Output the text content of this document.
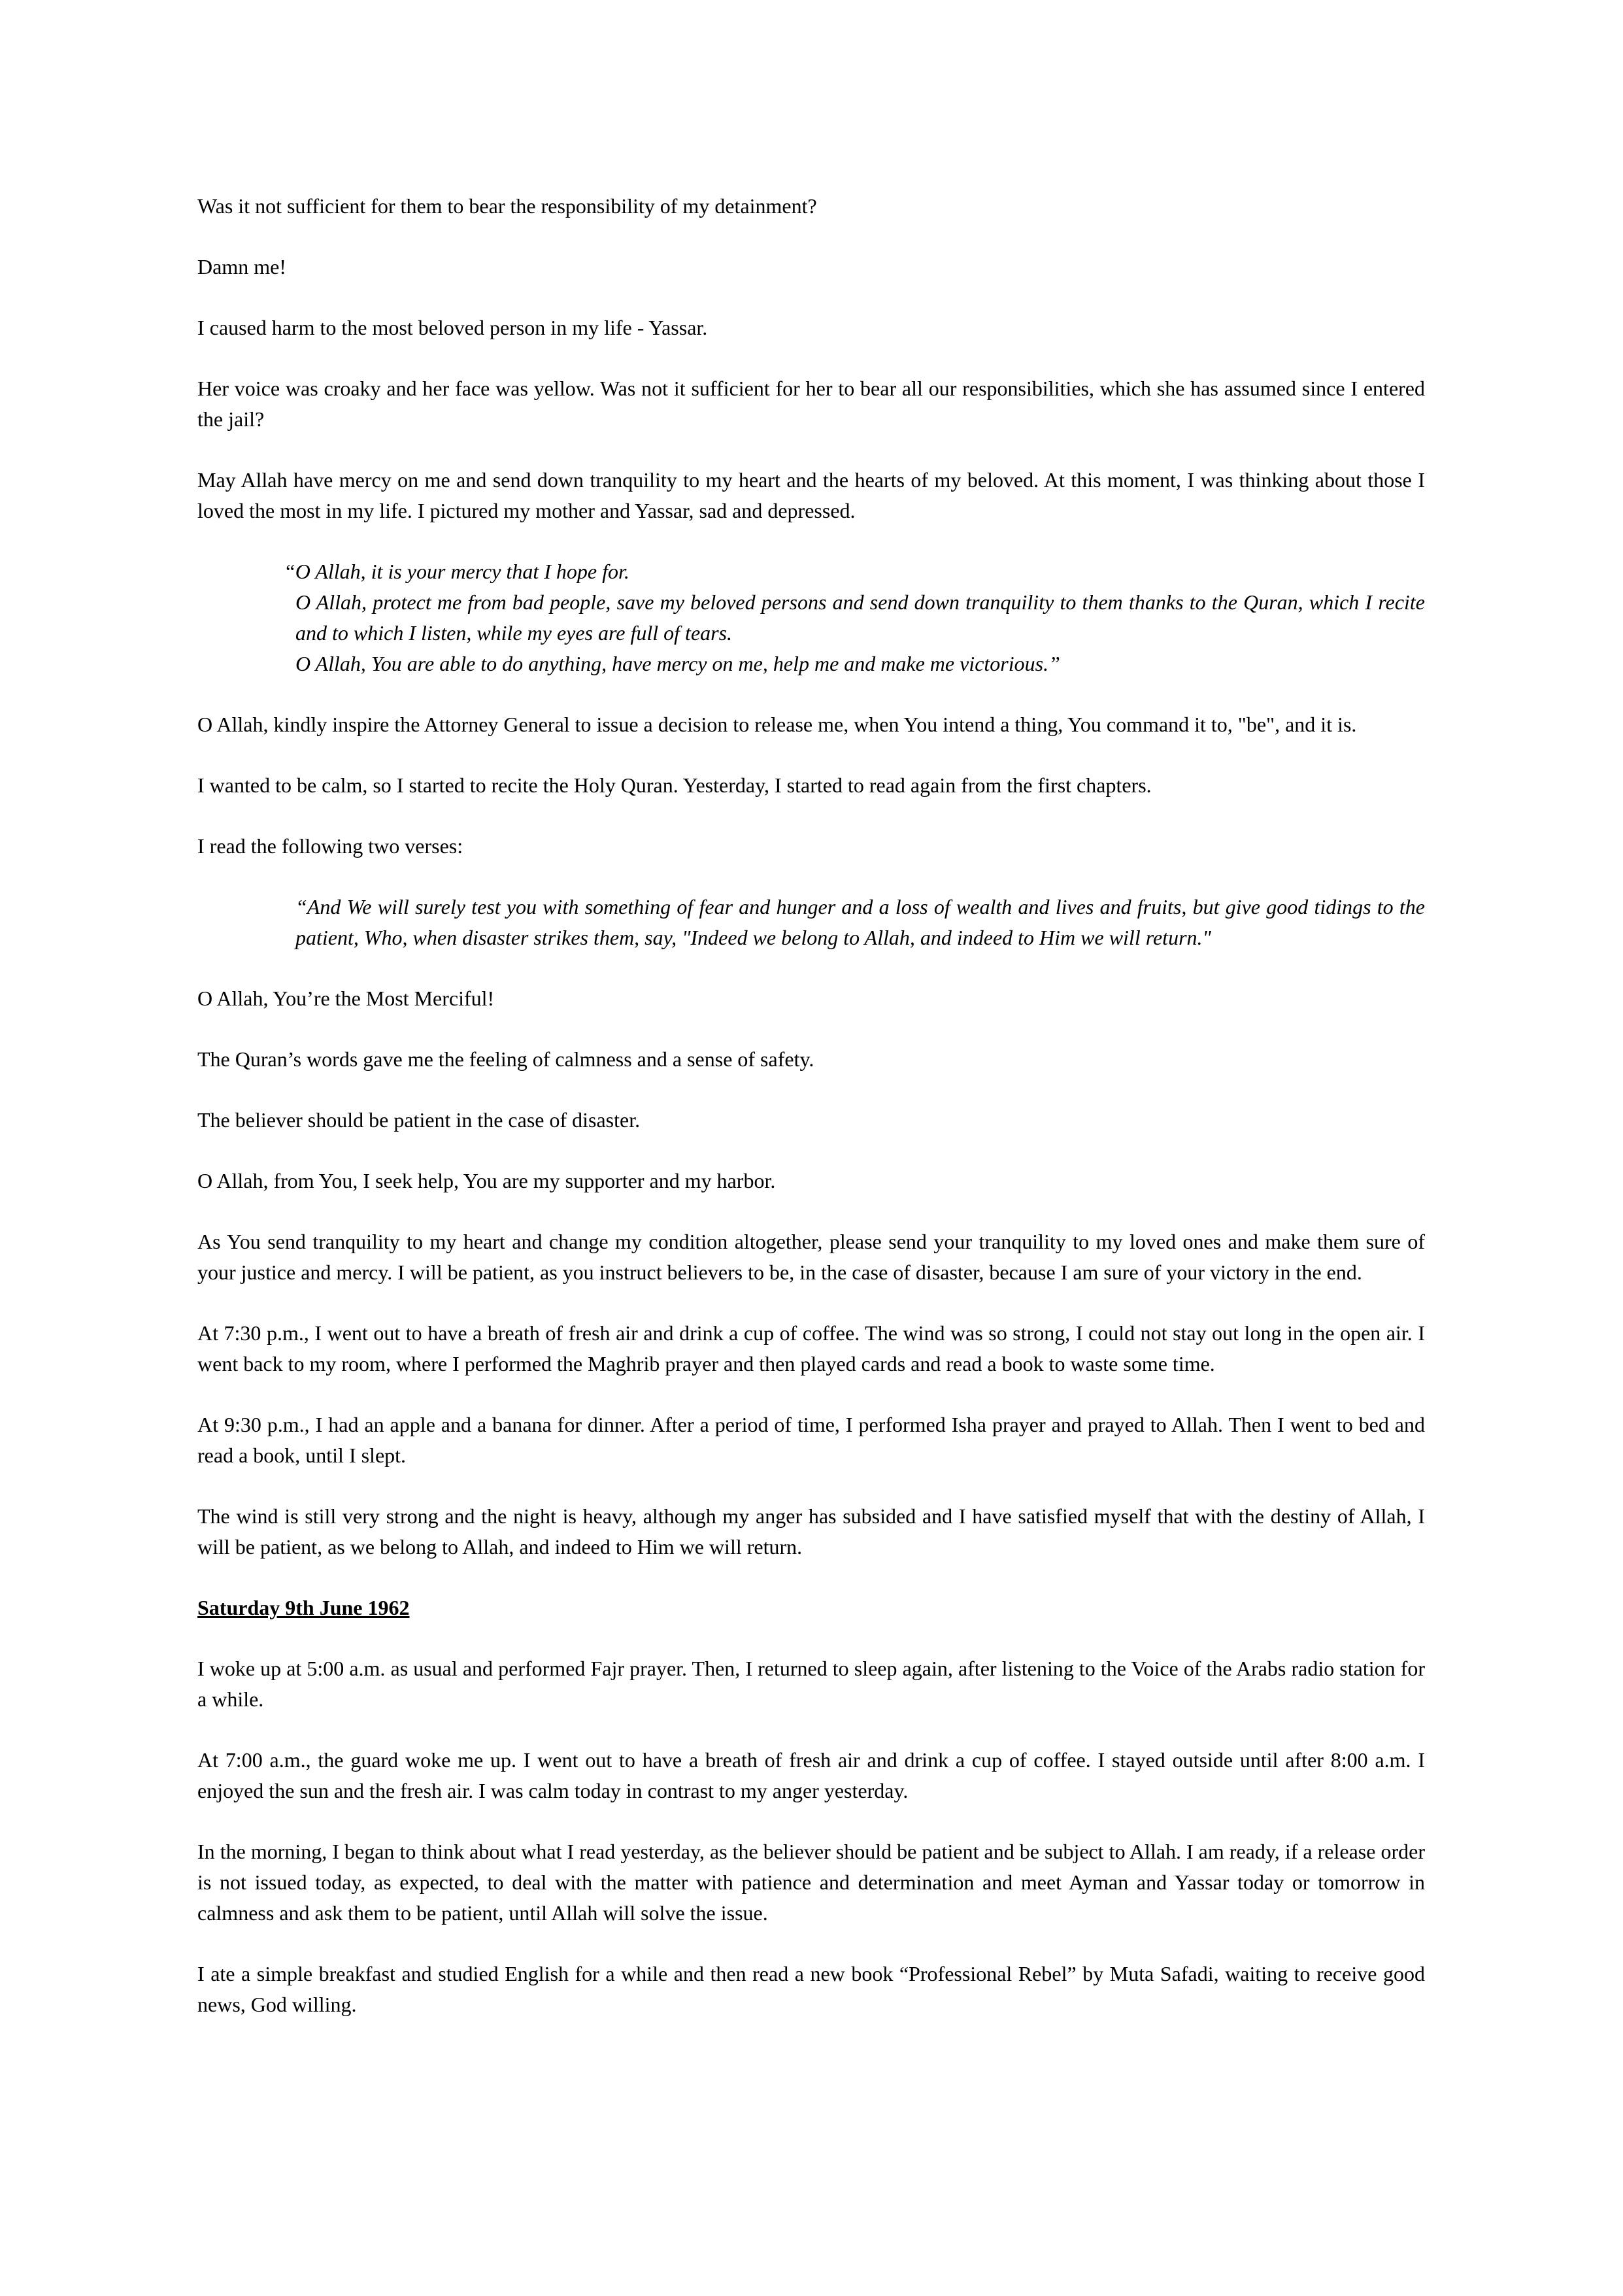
Was it not sufficient for them to bear the responsibility of my detainment?

Damn me!

I caused harm to the most beloved person in my life - Yassar.

Her voice was croaky and her face was yellow. Was not it sufficient for her to bear all our responsibilities, which she has assumed since I entered the jail?

May Allah have mercy on me and send down tranquility to my heart and the hearts of my beloved. At this moment, I was thinking about those I loved the most in my life. I pictured my mother and Yassar, sad and depressed.

“O Allah, it is your mercy that I hope for.
O Allah, protect me from bad people, save my beloved persons and send down tranquility to them thanks to the Quran, which I recite and to which I listen, while my eyes are full of tears.
O Allah, You are able to do anything, have mercy on me, help me and make me victorious.”

O Allah, kindly inspire the Attorney General to issue a decision to release me, when You intend a thing, You command it to, "be", and it is.

I wanted to be calm, so I started to recite the Holy Quran. Yesterday, I started to read again from the first chapters.

I read the following two verses:

“And We will surely test you with something of fear and hunger and a loss of wealth and lives and fruits, but give good tidings to the patient, Who, when disaster strikes them, say, "Indeed we belong to Allah, and indeed to Him we will return."

O Allah, You’re the Most Merciful!

The Quran’s words gave me the feeling of calmness and a sense of safety.

The believer should be patient in the case of disaster.

O Allah, from You, I seek help, You are my supporter and my harbor.

As You send tranquility to my heart and change my condition altogether, please send your tranquility to my loved ones and make them sure of your justice and mercy. I will be patient, as you instruct believers to be, in the case of disaster, because I am sure of your victory in the end.

At 7:30 p.m., I went out to have a breath of fresh air and drink a cup of coffee. The wind was so strong, I could not stay out long in the open air. I went back to my room, where I performed the Maghrib prayer and then played cards and read a book to waste some time.

At 9:30 p.m., I had an apple and a banana for dinner. After a period of time, I performed Isha prayer and prayed to Allah. Then I went to bed and read a book, until I slept.

The wind is still very strong and the night is heavy, although my anger has subsided and I have satisfied myself that with the destiny of Allah, I will be patient, as we belong to Allah, and indeed to Him we will return.

Saturday 9th June 1962

I woke up at 5:00 a.m. as usual and performed Fajr prayer. Then, I returned to sleep again, after listening to the Voice of the Arabs radio station for a while.

At 7:00 a.m., the guard woke me up. I went out to have a breath of fresh air and drink a cup of coffee. I stayed outside until after 8:00 a.m. I enjoyed the sun and the fresh air. I was calm today in contrast to my anger yesterday.

In the morning, I began to think about what I read yesterday, as the believer should be patient and be subject to Allah. I am ready, if a release order is not issued today, as expected, to deal with the matter with patience and determination and meet Ayman and Yassar today or tomorrow in calmness and ask them to be patient, until Allah will solve the issue.

I ate a simple breakfast and studied English for a while and then read a new book “Professional Rebel” by Muta Safadi, waiting to receive good news, God willing.
